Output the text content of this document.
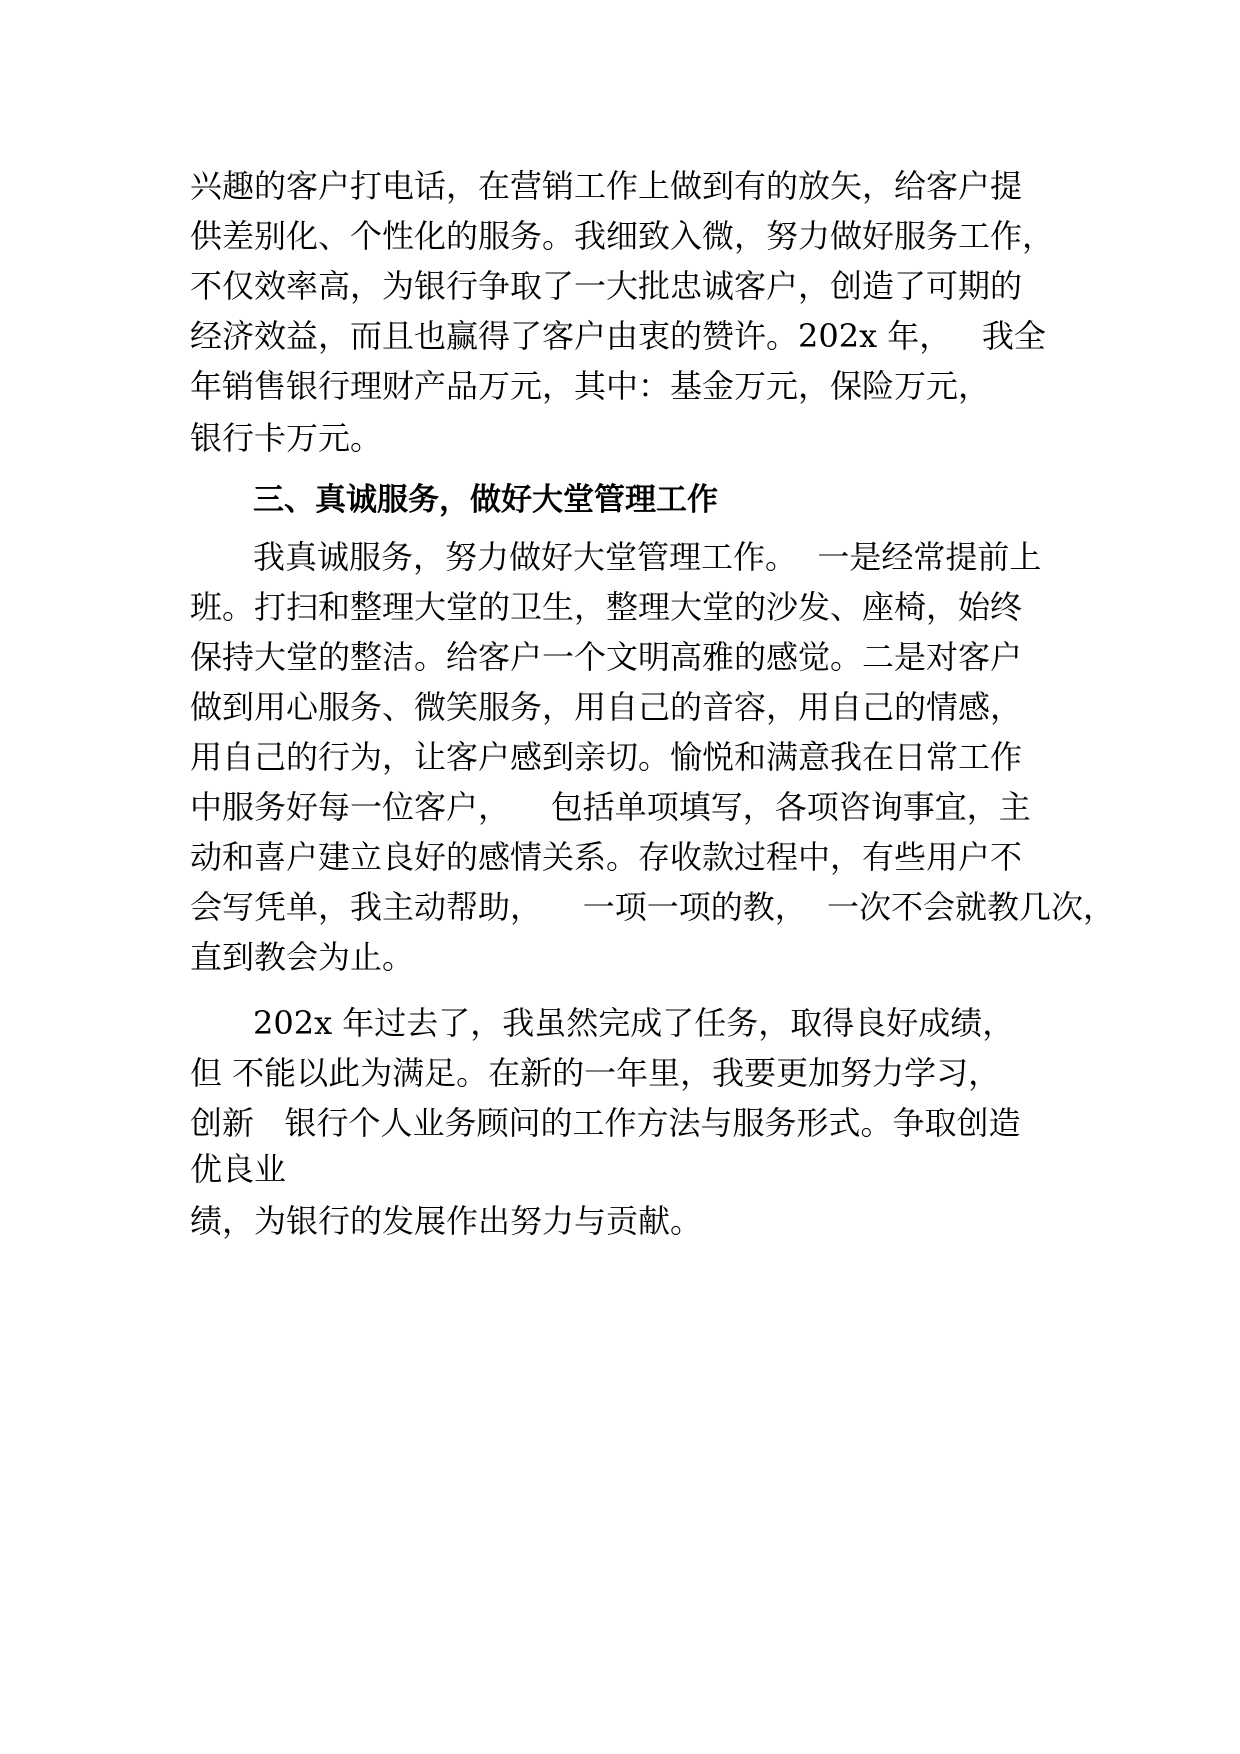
兴趣的客户打电话，在营销工作上做到有的放矢，给客户提
供差别化、个性化的服务。我细致入微，努力做好服务工作，
不仅效率高，为银行争取了一大批忠诚客户，创造了可期的
经济效益，而且也赢得了客户由衷的赞许。202x 年，   我全
年销售银行理财产品万元，其中：基金万元，保险万元，
银行卡万元。
三、真诚服务，做好大堂管理工作
我真诚服务，努力做好大堂管理工作。  一是经常提前上
班。打扫和整理大堂的卫生，整理大堂的沙发、座椅，始终
保持大堂的整洁。给客户一个文明高雅的感觉。二是对客户
做到用心服务、微笑服务，用自己的音容，用自己的情感，
用自己的行为，让客户感到亲切。愉悦和满意我在日常工作
中服务好每一位客户，    包括单项填写，各项咨询事宜，主
动和喜户建立良好的感情关系。存收款过程中，有些用户不
会写凭单，我主动帮助，    一项一项的教，  一次不会就教几次，
直到教会为止。
202x 年过去了，我虽然完成了任务，取得良好成绩，
但 不能以此为满足。在新的一年里，我要更加努力学习，
创新   银行个人业务顾问的工作方法与服务形式。争取创造
优良业
绩，为银行的发展作出努力与贡献。
